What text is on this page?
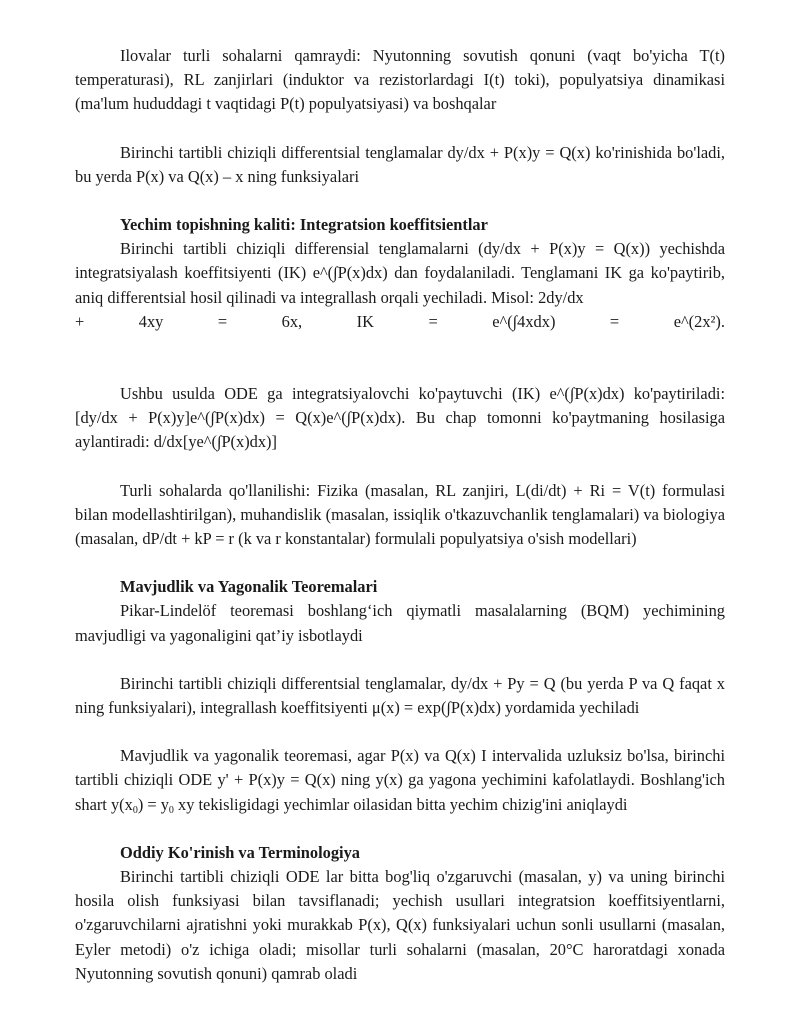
Ilovalar turli sohalarni qamraydi: Nyutonning sovutish qonuni (vaqt bo'yicha T(t) temperaturasi), RL zanjirlari (induktor va rezistorlardagi I(t) toki), populyatsiya dinamikasi (ma'lum hududdagi t vaqtidagi P(t) populyatsiyasi) va boshqalar

Birinchi tartibli chiziqli differentsial tenglamalar dy/dx + P(x)y = Q(x) ko'rinishida bo'ladi, bu yerda P(x) va Q(x) – x ning funksiyalari

Yechim topishning kaliti: Integratsion koeffitsientlar

Birinchi tartibli chiziqli differensial tenglamalarni (dy/dx + P(x)y = Q(x)) yechishda integratsiyalash koeffitsiyenti (IK) e^(∫P(x)dx) dan foydalaniladi. Tenglamani IK ga ko'paytirib, aniq differentsial hosil qilinadi va integrallash orqali yechiladi. Misol: 2dy/dx

+ 4xy = 6x, IK = e^(∫4xdx) = e^(2x²).

Ushbu usulda ODE ga integratsiyalovchi ko'paytuvchi (IK) e^(∫P(x)dx) ko'paytiriladi: [dy/dx + P(x)y]e^(∫P(x)dx) = Q(x)e^(∫P(x)dx). Bu chap tomonni ko'paytmaning hosilasiga aylantiradi: d/dx[ye^(∫P(x)dx)]

Turli sohalarda qo'llanilishi: Fizika (masalan, RL zanjiri, L(di/dt) + Ri = V(t) formulasi bilan modellashtirilgan), muhandislik (masalan, issiqlik o'tkazuvchanlik tenglamalari) va biologiya (masalan, dP/dt + kP = r (k va r konstantalar) formulali populyatsiya o'sish modellari)

Mavjudlik va Yagonalik Teoremalari

Pikar-Lindelöf teoremasi boshlang‘ich qiymatli masalalarning (BQM) yechimining mavjudligi va yagonaligini qat’iy isbotlaydi

Birinchi tartibli chiziqli differentsial tenglamalar, dy/dx + Py = Q (bu yerda P va Q faqat x ning funksiyalari), integrallash koeffitsiyenti μ(x) = exp(∫P(x)dx) yordamida yechiladi

Mavjudlik va yagonalik teoremasi, agar P(x) va Q(x) I intervalida uzluksiz bo'lsa, birinchi tartibli chiziqli ODE y' + P(x)y = Q(x) ning y(x) ga yagona yechimini kafolatlaydi. Boshlang'ich shart $y(x_0) = y_0$ xy tekisligidagi yechimlar oilasidan bitta yechim chizig'ini aniqlaydi

Oddiy Ko'rinish va Terminologiya

Birinchi tartibli chiziqli ODE lar bitta bog'liq o'zgaruvchi (masalan, y) va uning birinchi hosila olish funksiyasi bilan tavsiflanadi; yechish usullari integratsion koeffitsiyentlarni, o'zgaruvchilarni ajratishni yoki murakkab P(x), Q(x) funksiyalari uchun sonli usullarni (masalan, Eyler metodi) o'z ichiga oladi; misollar turli sohalarni (masalan, 20°C haroratdagi xonada Nyutonning sovutish qonuni) qamrab oladi
